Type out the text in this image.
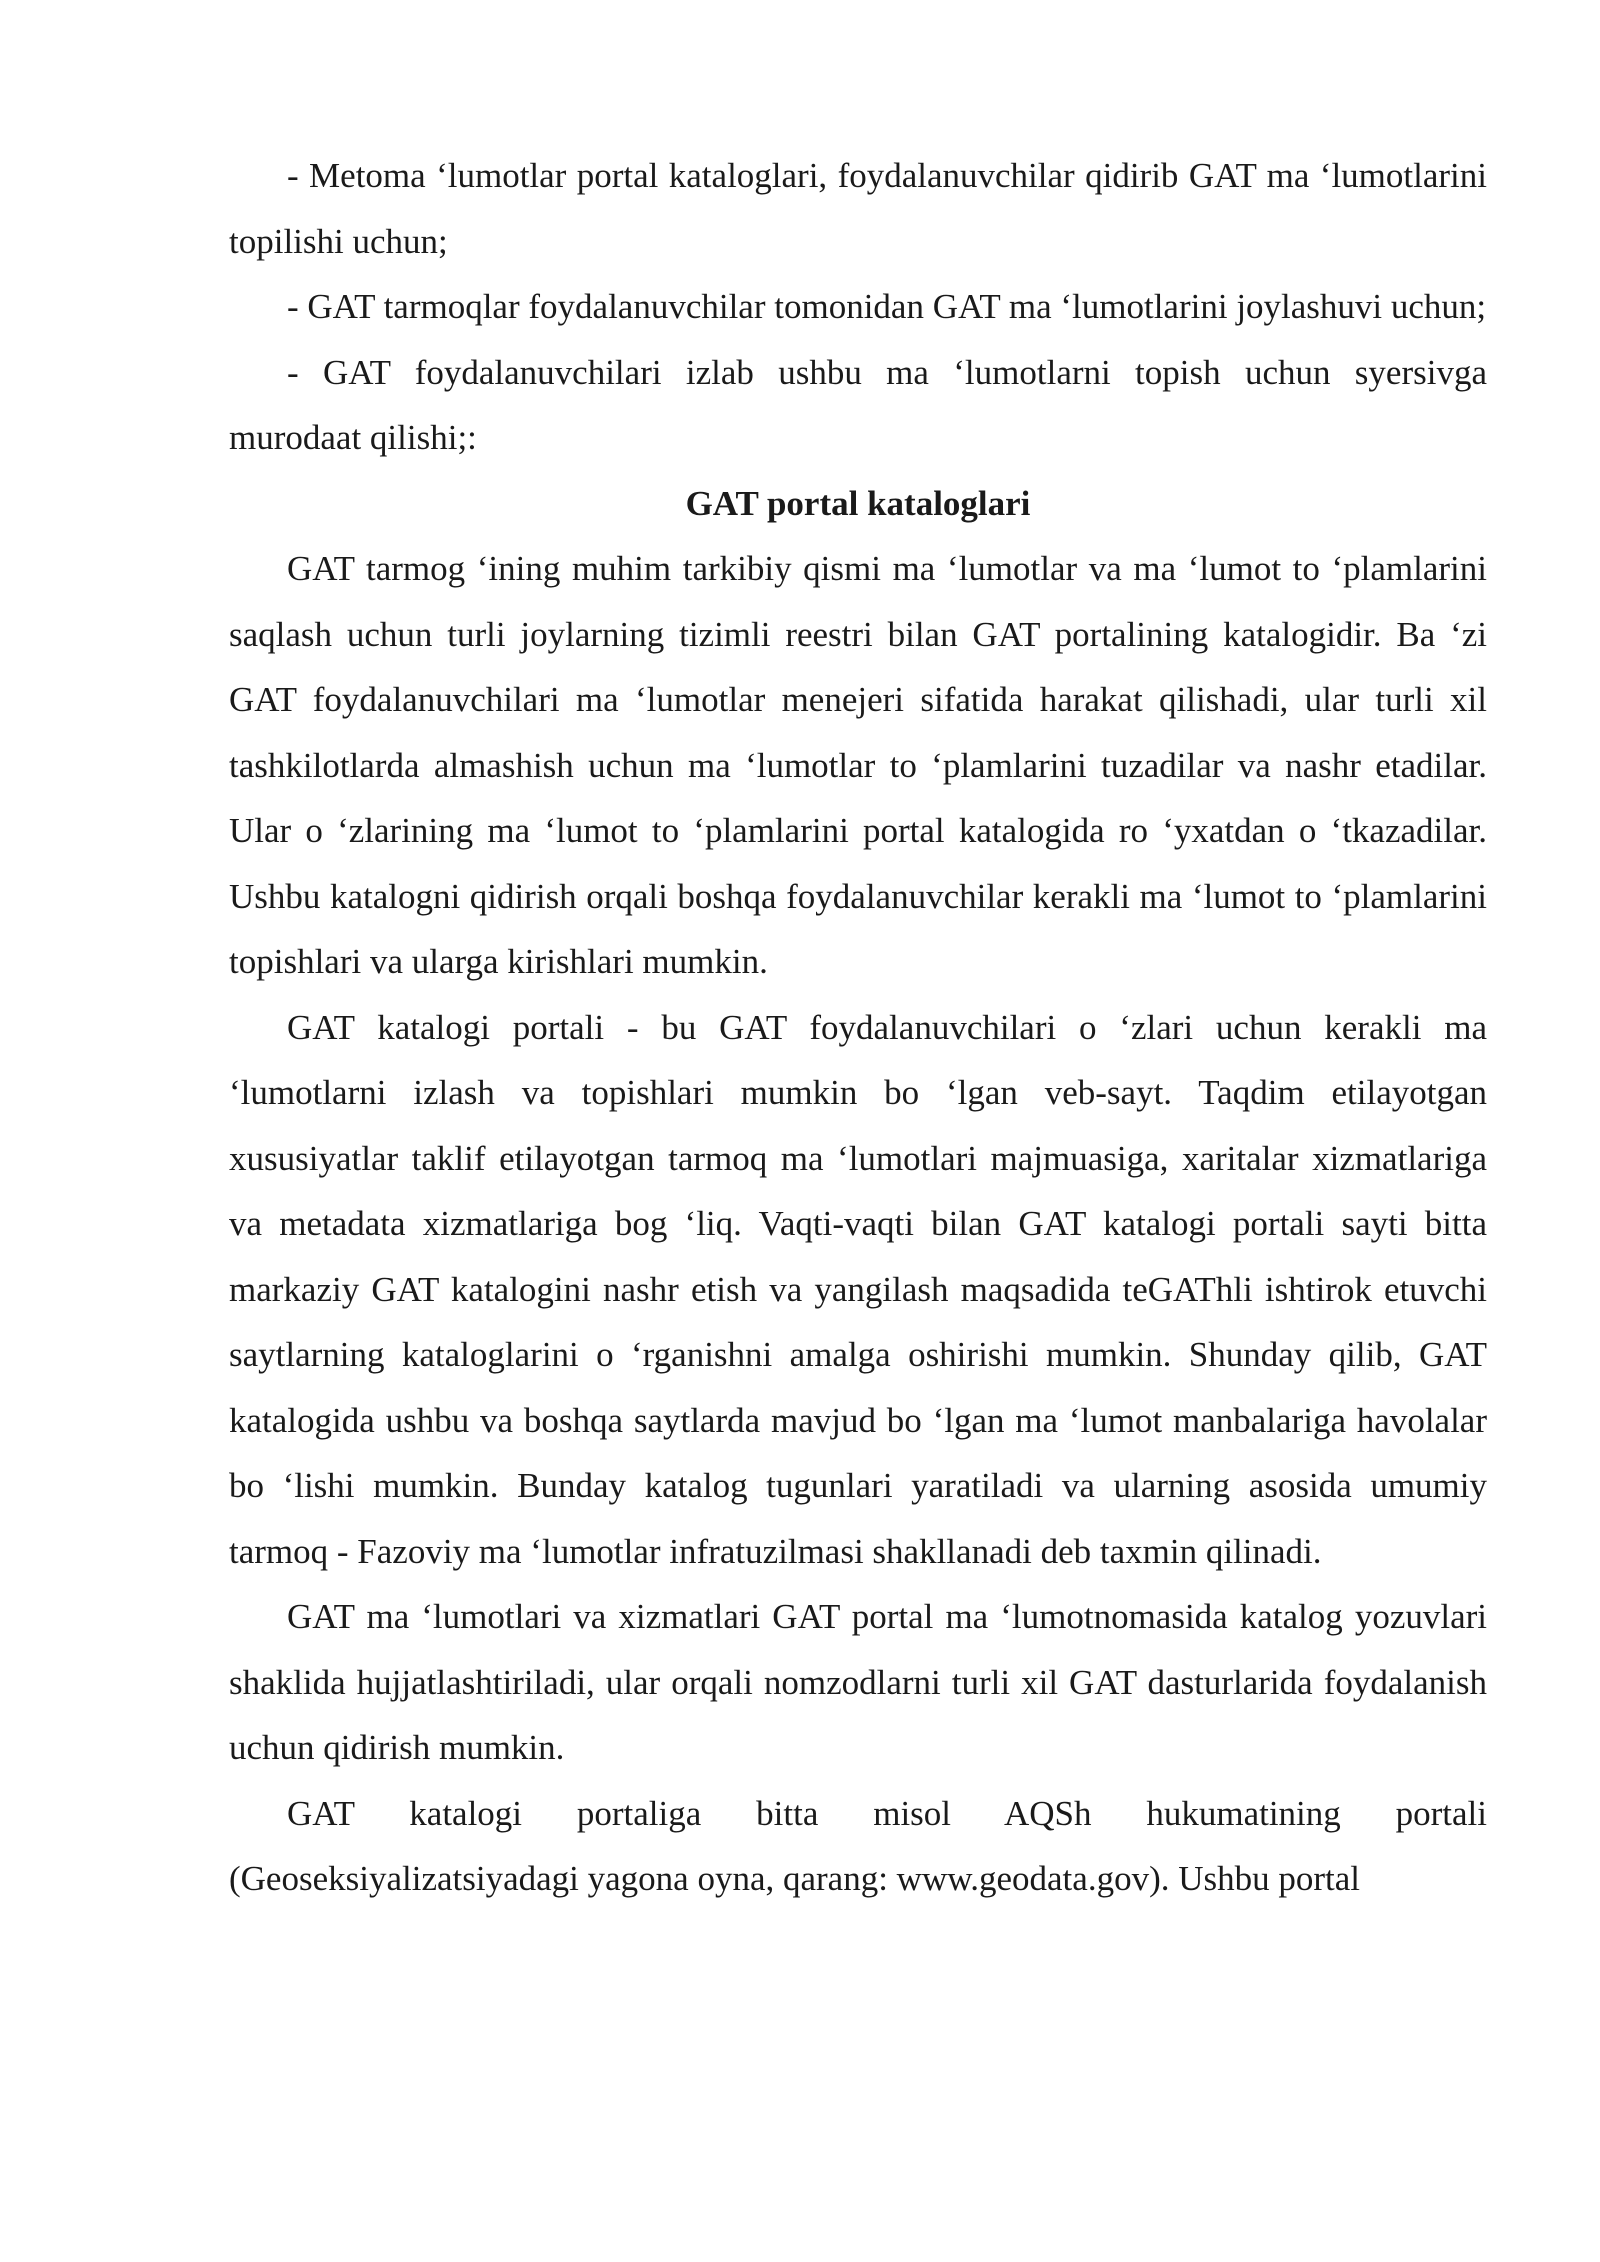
- Metoma ‘lumotlar portal kataloglari, foydalanuvchilar qidirib GAT ma ‘lumotlarini topilishi uchun;

- GAT tarmoqlar foydalanuvchilar tomonidan GAT ma ‘lumotlarini joylashuvi uchun;

- GAT foydalanuvchilari izlab ushbu ma ‘lumotlarni topish uchun syersivga murodaat qilishi;:

GAT portal kataloglari

GAT tarmog ‘ining muhim tarkibiy qismi ma ‘lumotlar va ma ‘lumot to ‘plamlarini saqlash uchun turli joylarning tizimli reestri bilan GAT portalining katalogidir. Ba ‘zi GAT foydalanuvchilari ma ‘lumotlar menejeri sifatida harakat qilishadi, ular turli xil tashkilotlarda almashish uchun ma ‘lumotlar to ‘plamlarini tuzadilar va nashr etadilar. Ular o ‘zlarining ma ‘lumot to ‘plamlarini portal katalogida ro ‘yxatdan o ‘tkazadilar. Ushbu katalogni qidirish orqali boshqa foydalanuvchilar kerakli ma ‘lumot to ‘plamlarini topishlari va ularga kirishlari mumkin.

GAT katalogi portali - bu GAT foydalanuvchilari o ‘zlari uchun kerakli ma ‘lumotlarni izlash va topishlari mumkin bo ‘lgan veb-sayt. Taqdim etilayotgan xususiyatlar taklif etilayotgan tarmoq ma ‘lumotlari majmuasiga, xaritalar xizmatlariga va metadata xizmatlariga bog ‘liq. Vaqti-vaqti bilan GAT katalogi portali sayti bitta markaziy GAT katalogini nashr etish va yangilash maqsadida teGAThli ishtirok etuvchi saytlarning kataloglarini o ‘rganishni amalga oshirishi mumkin. Shunday qilib, GAT katalogida ushbu va boshqa saytlarda mavjud bo ‘lgan ma ‘lumot manbalariga havolalar bo ‘lishi mumkin. Bunday katalog tugunlari yaratiladi va ularning asosida umumiy tarmoq - Fazoviy ma ‘lumotlar infratuzilmasi shakllanadi deb taxmin qilinadi.

GAT ma ‘lumotlari va xizmatlari GAT portal ma ‘lumotnomasida katalog yozuvlari shaklida hujjatlashtiriladi, ular orqali nomzodlarni turli xil GAT dasturlarida foydalanish uchun qidirish mumkin.

GAT katalogi portaliga bitta misol AQSh hukumatining portali (Geoseksiyalizatsiyadagi yagona oyna, qarang: www.geodata.gov). Ushbu portal
